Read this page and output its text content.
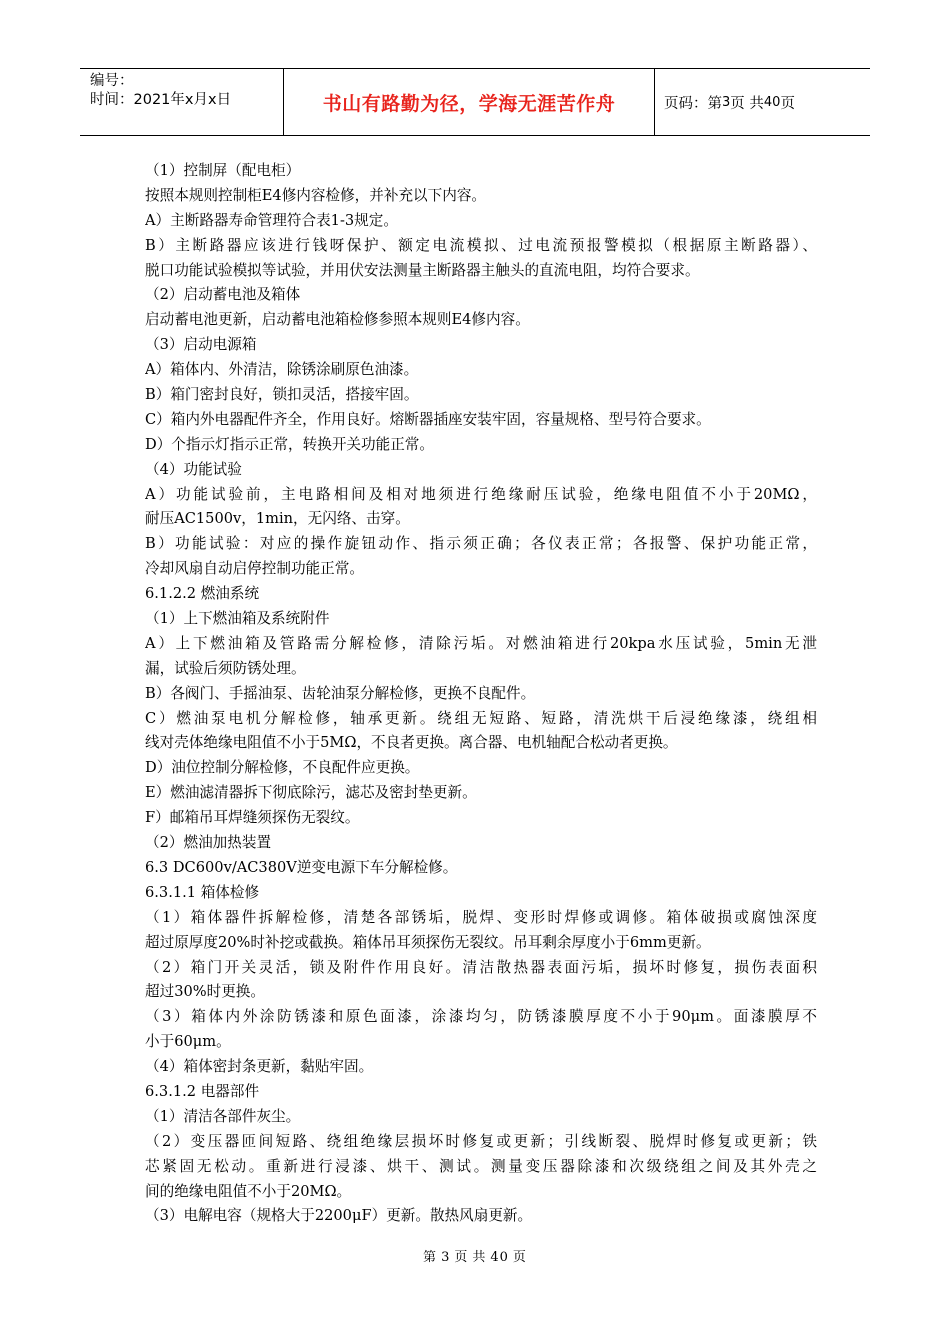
编号：
时间：2021年x月x日	书山有路勤为径，学海无涯苦作舟	页码：第 3 页 共 40 页
（1）控制屏（配电柜）
按照本规则控制柜E4修内容检修，并补充以下内容。
A）主断路器寿命管理符合表1-3规定。
B）主断路器应该进行钱呀保护、额定电流模拟、过电流预报警模拟（根据原主断路器）、
脱口功能试验模拟等试验，并用伏安法测量主断路器主触头的直流电阻，均符合要求。
（2）启动蓄电池及箱体
启动蓄电池更新，启动蓄电池箱检修参照本规则E4修内容。
（3）启动电源箱
A）箱体内、外清洁，除锈涂刷原色油漆。
B）箱门密封良好，锁扣灵活，搭接牢固。
C）箱内外电器配件齐全，作用良好。熔断器插座安装牢固，容量规格、型号符合要求。
D）个指示灯指示正常，转换开关功能正常。
（4）功能试验
A）功能试验前，主电路相间及相对地须进行绝缘耐压试验，绝缘电阻值不小于20MΩ，
耐压AC1500v，1min，无闪络、击穿。
B）功能试验：对应的操作旋钮动作、指示须正确；各仪表正常；各报警、保护功能正常，
冷却风扇自动启停控制功能正常。
6.1.2.2 燃油系统
（1）上下燃油箱及系统附件
A）上下燃油箱及管路需分解检修，清除污垢。对燃油箱进行20kpa水压试验，5min无泄
漏，试验后须防锈处理。
B）各阀门、手摇油泵、齿轮油泵分解检修，更换不良配件。
C）燃油泵电机分解检修，轴承更新。绕组无短路、短路，清洗烘干后浸绝缘漆，绕组相
线对壳体绝缘电阻值不小于5MΩ，不良者更换。离合器、电机轴配合松动者更换。
D）油位控制分解检修，不良配件应更换。
E）燃油滤清器拆下彻底除污，滤芯及密封垫更新。
F）邮箱吊耳焊缝须探伤无裂纹。
（2）燃油加热装置
6.3 DC600v/AC380V逆变电源下车分解检修。
6.3.1.1 箱体检修
（1）箱体器件拆解检修，清楚各部锈垢，脱焊、变形时焊修或调修。箱体破损或腐蚀深度
超过原厚度20%时补挖或截换。箱体吊耳须探伤无裂纹。吊耳剩余厚度小于6mm更新。
（2）箱门开关灵活，锁及附件作用良好。清洁散热器表面污垢，损坏时修复，损伤表面积
超过30%时更换。
（3）箱体内外涂防锈漆和原色面漆，涂漆均匀，防锈漆膜厚度不小于90μm。面漆膜厚不
小于60μm。
（4）箱体密封条更新，黏贴牢固。
6.3.1.2 电器部件
（1）清洁各部件灰尘。
（2）变压器匝间短路、绕组绝缘层损坏时修复或更新；引线断裂、脱焊时修复或更新；铁
芯紧固无松动。重新进行浸漆、烘干、测试。测量变压器除漆和次级绕组之间及其外壳之
间的绝缘电阻值不小于20MΩ。
（3）电解电容（规格大于2200μF）更新。散热风扇更新。
第 3 页 共 40 页
